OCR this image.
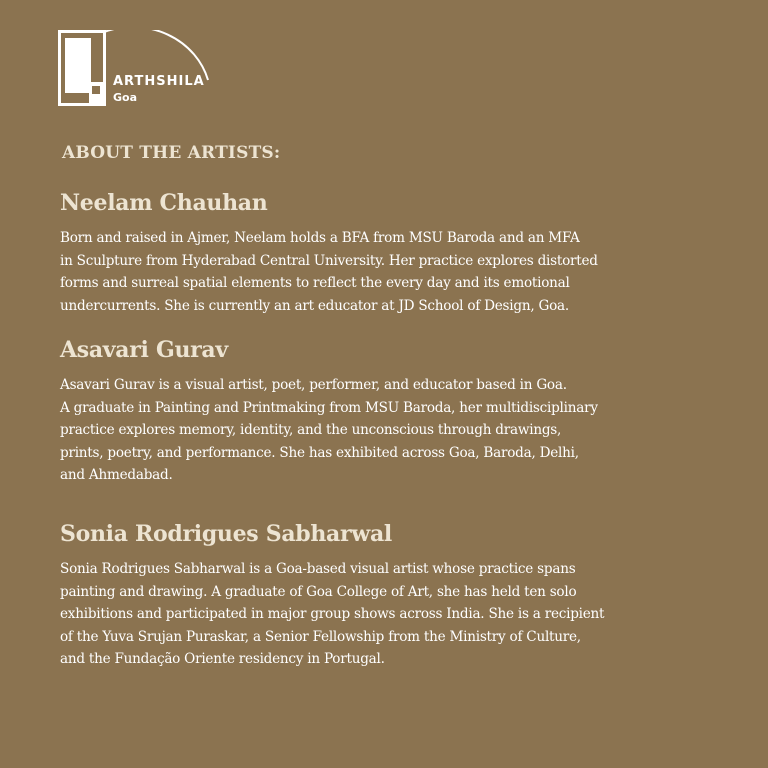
ARTHSHILA
Goa
ABOUT THE ARTISTS:
Neelam Chauhan

Born and raised in Ajmer, Neelam holds a BFA from MSU Baroda and an MFA
in Sculpture from Hyderabad Central University. Her practice explores distorted
forms and surreal spatial elements to reflect the every day and its emotional
undercurrents. She is currently an art educator at JD School of Design, Goa.

Asavari Gurav

Asavari Gurav is a visual artist, poet, performer, and educator based in Goa.
A graduate in Painting and Printmaking from MSU Baroda, her multidisciplinary
practice explores memory, identity, and the unconscious through drawings,
prints, poetry, and performance. She has exhibited across Goa, Baroda, Delhi,
and Ahmedabad.

Sonia Rodrigues Sabharwal

Sonia Rodrigues Sabharwal is a Goa-based visual artist whose practice spans
painting and drawing. A graduate of Goa College of Art, she has held ten solo
exhibitions and participated in major group shows across India. She is a recipient
of the Yuva Srujan Puraskar, a Senior Fellowship from the Ministry of Culture,
and the Fundação Oriente residency in Portugal.
